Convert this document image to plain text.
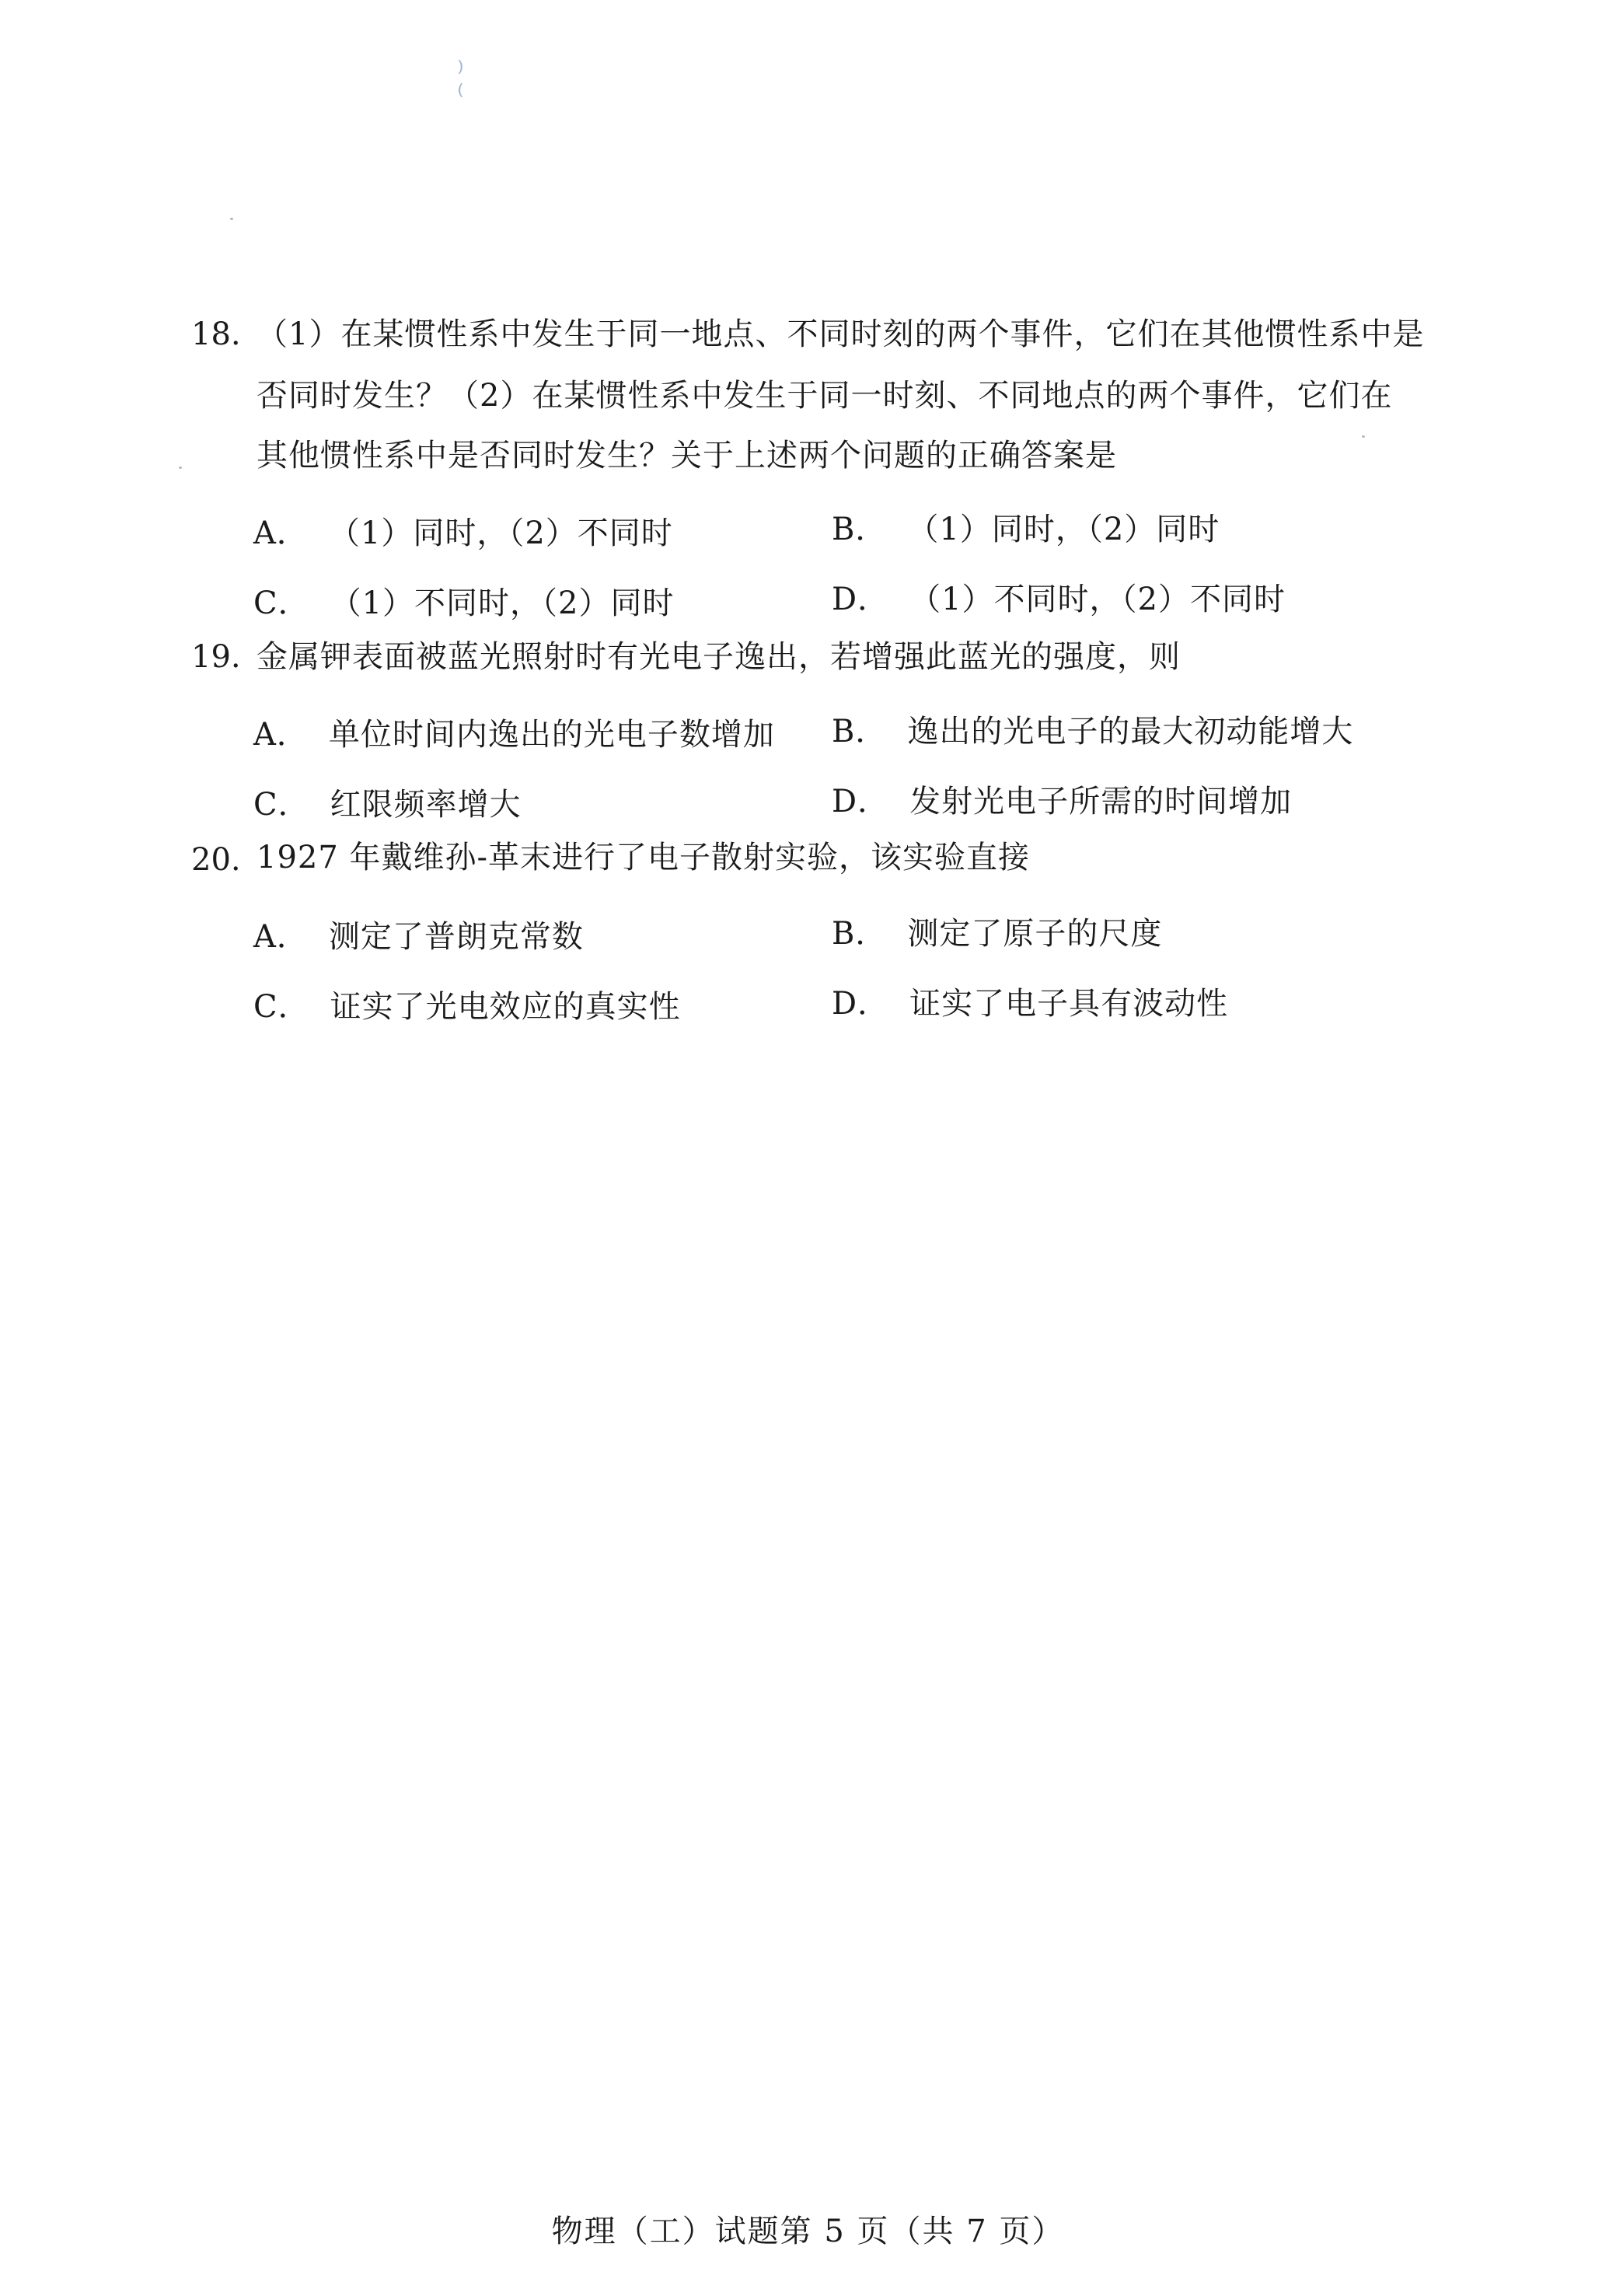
⁾
⁽
18. （1）在某惯性系中发生于同一地点、不同时刻的两个事件，它们在其他惯性系中是
否同时发生？（2）在某惯性系中发生于同一时刻、不同地点的两个事件，它们在
其他惯性系中是否同时发生？关于上述两个问题的正确答案是
A． （1）同时，（2）不同时	B． （1）同时，（2）同时
C． （1）不同时，（2）同时	D． （1）不同时，（2）不同时
19. 金属钾表面被蓝光照射时有光电子逸出，若增强此蓝光的强度，则
A． 单位时间内逸出的光电子数增加 B． 逸出的光电子的最大初动能增大
C． 红限频率增大	D． 发射光电子所需的时间增加
20. 1927 年戴维孙-革末进行了电子散射实验，该实验直接
A． 测定了普朗克常数	B． 测定了原子的尺度
C． 证实了光电效应的真实性	D． 证实了电子具有波动性
物理（工）试题第 5 页（共 7 页）
